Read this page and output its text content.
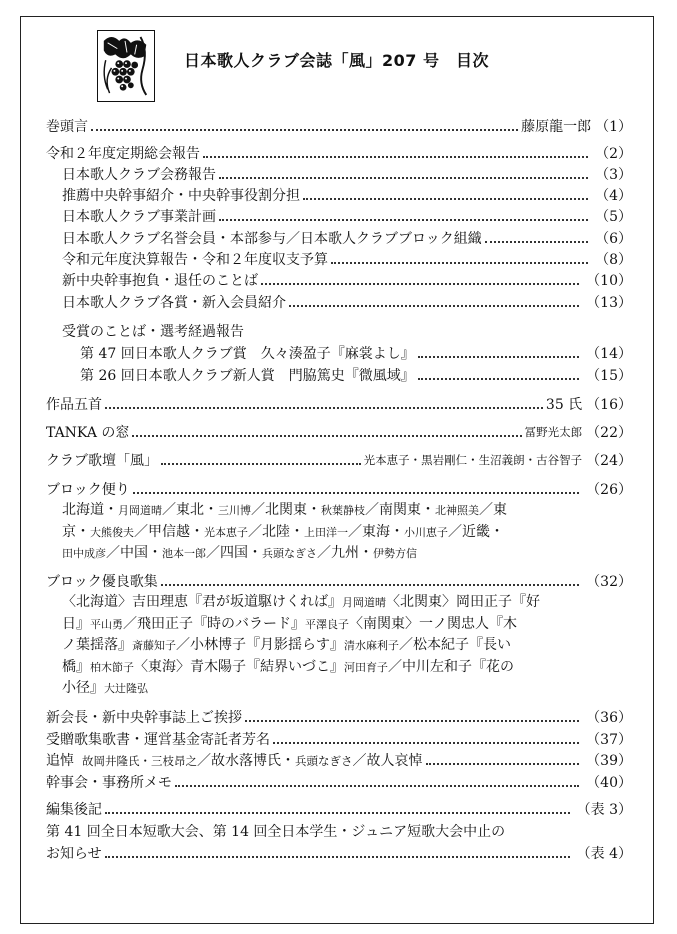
日本歌人クラブ会誌「風」207 号　目次
巻頭言	藤原龍一郎 （1）
令和２年度定期総会報告	（2）
日本歌人クラブ会務報告	（3）
推薦中央幹事紹介・中央幹事役割分担	（4）
日本歌人クラブ事業計画	（5）
日本歌人クラブ名誉会員・本部参与／日本歌人クラブブロック組織	（6）
令和元年度決算報告・令和２年度収支予算	（8）
新中央幹事抱負・退任のことば	（10）
日本歌人クラブ各賞・新入会員紹介	（13）
受賞のことば・選考経過報告
第 47 回日本歌人クラブ賞　久々湊盈子『麻裳よし』	（14）
第 26 回日本歌人クラブ新人賞　門脇篤史『微風域』	（15）
作品五首	35 氏 （16）
TANKA の窓	冨野光太郎 （22）
クラブ歌壇「風」	光本恵子・黒岩剛仁・生沼義朗・古谷智子 （24）
ブロック便り	（26）
北海道・月岡道晴／東北・三川博／北関東・秋葉静枝／南関東・北神照美／東
京・大熊俊夫／甲信越・光本恵子／北陸・上田洋一／東海・小川恵子／近畿・
田中成彦／中国・池本一郎／四国・兵頭なぎさ／九州・伊勢方信
ブロック優良歌集	（32）
〈北海道〉吉田理恵『君が坂道駆けくれば』月岡道晴〈北関東〉岡田正子『好
日』平山勇／飛田正子『時のバラード』平澤良子〈南関東〉一ノ関忠人『木
ノ葉揺落』斎藤知子／小林博子『月影揺らす』清水麻利子／松本紀子『長い
橋』柏木節子〈東海〉青木陽子『結界いづこ』河田育子／中川左和子『花の
小径』大辻隆弘
新会長・新中央幹事誌上ご挨拶	（36）
受贈歌集歌書・運営基金寄託者芳名	（37）
追悼 故岡井隆氏・三枝昂之／故水落博氏・兵頭なぎさ／故人哀悼	（39）
幹事会・事務所メモ	（40）
編集後記	（表 3）
第 41 回全日本短歌大会、第 14 回全日本学生・ジュニア短歌大会中止の
お知らせ	（表 4）
